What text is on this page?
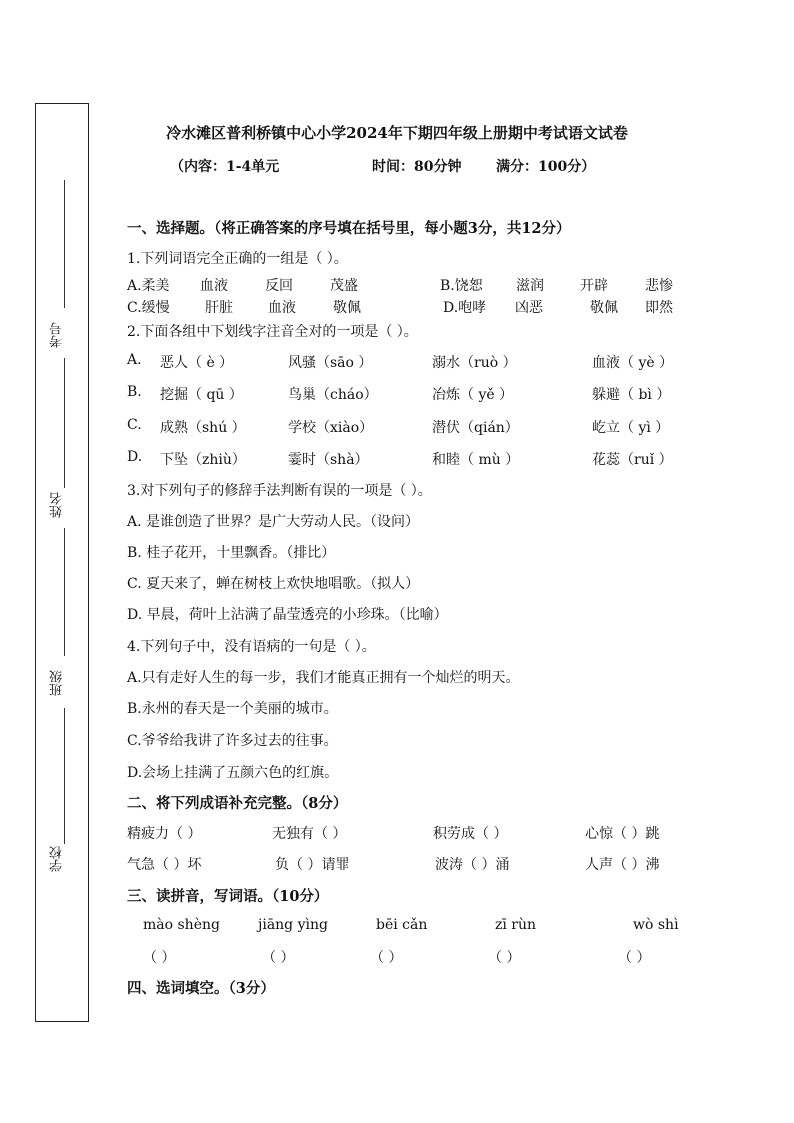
考号
姓名
班级
学校
冷水滩区普利桥镇中心小学2024年下期四年级上册期中考试语文试卷
（内容：1-4单元	时间：80分钟 满分：100分）
一、选择题。（将正确答案的序号填在括号里，每小题3分，共12分）
1.下列词语完全正确的一组是（ ）。
A.柔美 血液	反回	茂盛	B.饶恕 滋润	开辟	悲惨
C.缓慢	肝脏	血液	敬佩	D.咆哮 凶恶	敬佩 即然
2.下面各组中下划线字注音全对的一项是（ ）。
A. 恶人（ è ）	风骚（sāo ）	溺水（ruò ）	血液（ yè ）
B. 挖掘（ qū ）	鸟巢（cháo）	冶炼（ yě ）	躲避（ bì ）
C. 成熟（shú ）	学校（xiào）	潜伏（qián）	屹立（ yì ）
D. 下坠（zhiù）	霎时（shà）	和睦（ mù ）	花蕊（ruǐ ）
3.对下列句子的修辞手法判断有误的一项是（ ）。
A. 是谁创造了世界？是广大劳动人民。（设问）
B. 桂子花开，十里飘香。（排比）
C. 夏天来了，蝉在树枝上欢快地唱歌。（拟人）
D. 早晨，荷叶上沾满了晶莹透亮的小珍珠。（比喻）
4.下列句子中，没有语病的一句是（ ）。
A.只有走好人生的每一步，我们才能真正拥有一个灿烂的明天。
B.永州的春天是一个美丽的城市。
C.爷爷给我讲了许多过去的往事。
D.会场上挂满了五颜六色的红旗。
二、将下列成语补充完整。（8分）
精疲力（ ）	无独有（ ）	积劳成（ ）	心惊（ ）跳
气急（ ）坏	负（ ）请罪	波涛（ ）涌	人声（ ）沸
三、读拼音，写词语。（10分）
mào shèng	jiāng yìng	bēi cǎn	zī rùn	wò shì
（ ）	（ ）	（ ）	（ ）	（ ）
四、选词填空。（3分）
